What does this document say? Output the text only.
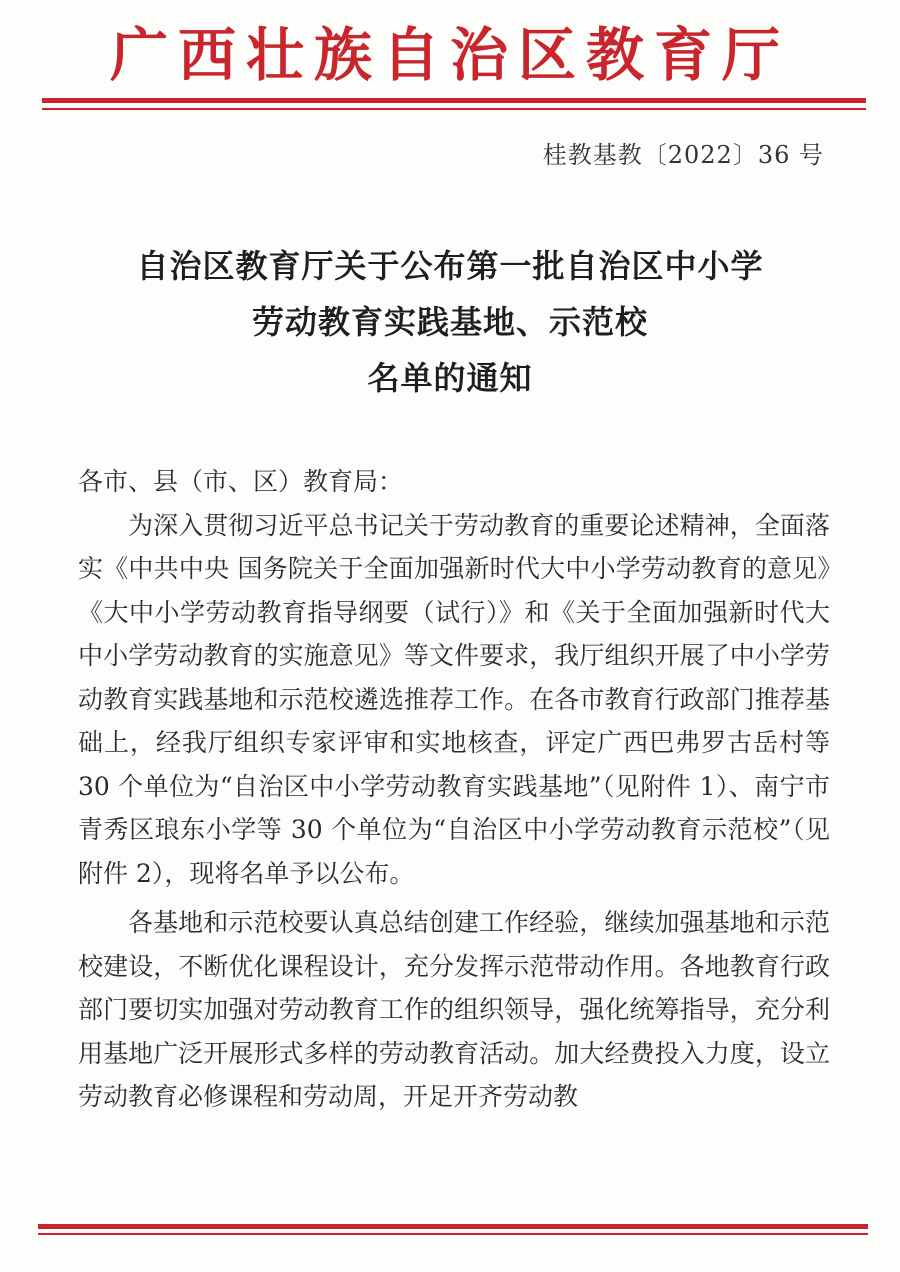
广西壮族自治区教育厅
桂教基教〔2022〕36 号
自治区教育厅关于公布第一批自治区中小学
劳动教育实践基地、示范校
名单的通知

各市、县（市、区）教育局：

为深入贯彻习近平总书记关于劳动教育的重要论述精神，全面落实《中共中央 国务院关于全面加强新时代大中小学劳动教育的意见》《大中小学劳动教育指导纲要（试行）》和《关于全面加强新时代大中小学劳动教育的实施意见》等文件要求，我厅组织开展了中小学劳动教育实践基地和示范校遴选推荐工作。在各市教育行政部门推荐基础上，经我厅组织专家评审和实地核查，评定广西巴弗罗古岳村等 30 个单位为“自治区中小学劳动教育实践基地”（见附件 1）、南宁市青秀区琅东小学等 30 个单位为“自治区中小学劳动教育示范校”（见附件 2），现将名单予以公布。

各基地和示范校要认真总结创建工作经验，继续加强基地和示范校建设，不断优化课程设计，充分发挥示范带动作用。各地教育行政部门要切实加强对劳动教育工作的组织领导，强化统筹指导，充分利用基地广泛开展形式多样的劳动教育活动。加大经费投入力度，设立劳动教育必修课程和劳动周，开足开齐劳动教
